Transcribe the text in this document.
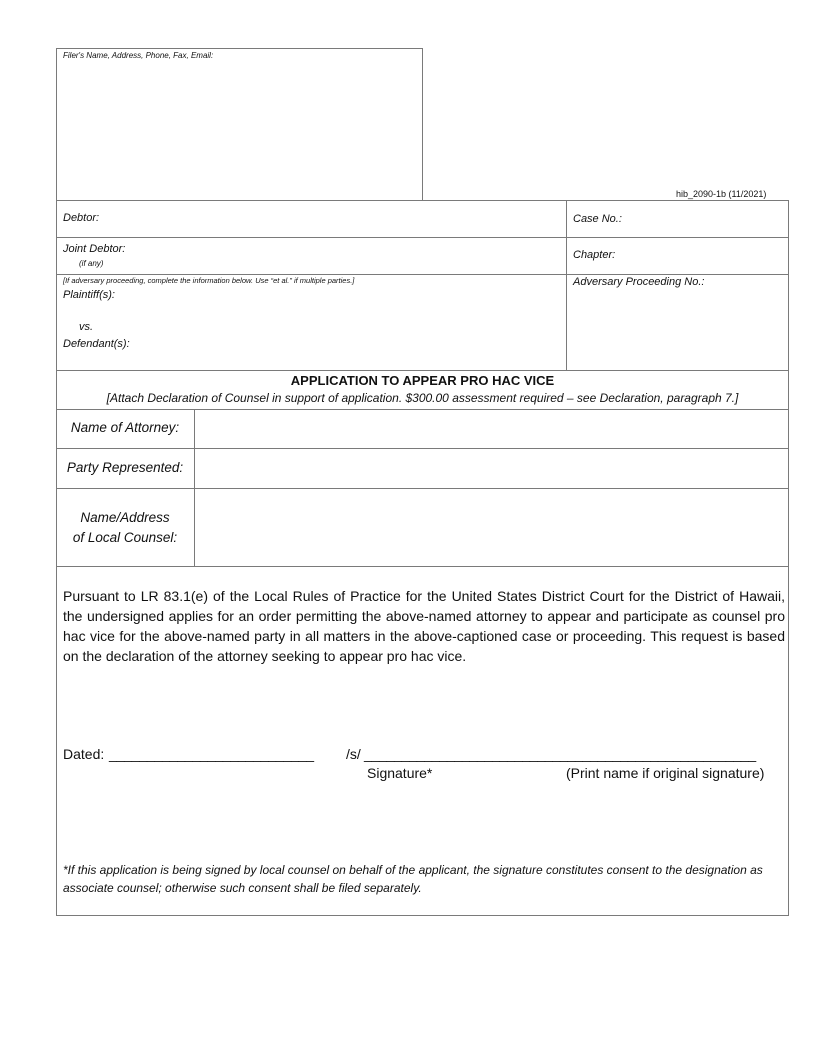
Filer's Name, Address, Phone, Fax, Email:
hib_2090-1b (11/2021)
Debtor:	Case No.:
Joint Debtor:
(if any)
Chapter:
[If adversary proceeding, complete the information below. Use “et al.” if multiple parties.]
Plaintiff(s):
vs.
Defendant(s):
Adversary Proceeding No.:
APPLICATION TO APPEAR PRO HAC VICE
[Attach Declaration of Counsel in support of application. $300.00 assessment required – see Declaration, paragraph 7.]
Name of Attorney:
Party Represented:
Name/Address
of Local Counsel:
Pursuant to LR 83.1(e) of the Local Rules of Practice for the United States District Court for the District of Hawaii, the undersigned applies for an order permitting the above-named attorney to appear and participate as counsel pro hac vice for the above-named party in all matters in the above-captioned case or proceeding. This request is based on the declaration of the attorney seeking to appear pro hac vice.
Dated: ___________________________ /s/ ____________________________________________________
Signature*	(Print name if original signature)
*If this application is being signed by local counsel on behalf of the applicant, the signature constitutes consent to the designation as associate counsel; otherwise such consent shall be filed separately.
